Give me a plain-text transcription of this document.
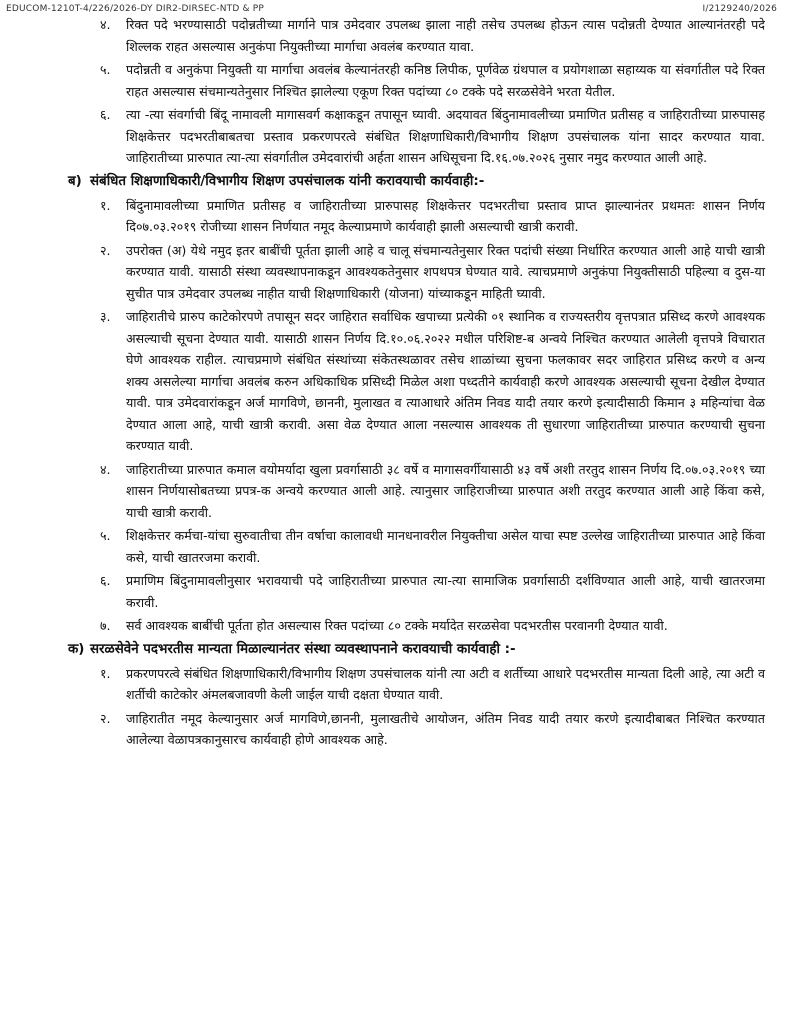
EDUCOM-1210T-4/226/2026-DY DIR2-DIRSEC-NTD & PP	I/2129240/2026
४. रिक्त पदे भरण्यासाठी पदोन्नतीच्या मार्गाने पात्र उमेदवार उपलब्ध झाला नाही तसेच उपलब्ध होऊन त्यास पदोन्नती देण्यात आल्यानंतरही पदे शिल्लक राहत असल्यास अनुकंपा नियुक्तीच्या मार्गाचा अवलंब करण्यात यावा.
५. पदोन्नती व अनुकंपा नियुक्ती या मार्गाचा अवलंब केल्यानंतरही कनिष्ठ लिपीक, पूर्णवेळ ग्रंथपाल व प्रयोगशाळा सहाय्यक या संवर्गातील पदे रिक्त राहत असल्यास संचमान्यतेनुसार निश्चित झालेल्या एकूण रिक्त पदांच्या ८० टक्के पदे सरळसेवेने भरता येतील.
६. त्या -त्या संवर्गाची बिंदू नामावली मागासवर्ग कक्षाकडून तपासून घ्यावी. अदयावत बिंदुनामावलीच्या प्रमाणित प्रतीसह व जाहिरातीच्या प्रारुपासह शिक्षकेत्तर पदभरतीबाबतचा प्रस्ताव प्रकरणपरत्वे संबंधित शिक्षणाधिकारी/विभागीय शिक्षण उपसंचालक यांना सादर करण्यात यावा. जाहिरातीच्या प्रारुपात त्या-त्या संवर्गातील उमेदवारांची अर्हता शासन अधिसूचना दि.१६.०७.२०२६ नुसार नमुद करण्यात आली आहे.
ब) संबंधित शिक्षणाधिकारी/विभागीय शिक्षण उपसंचालक यांनी करावयाची कार्यवाही:-
१. बिंदुनामावलीच्या प्रमाणित प्रतीसह व जाहिरातीच्या प्रारुपासह शिक्षकेत्तर पदभरतीचा प्रस्ताव प्राप्त झाल्यानंतर प्रथमतः शासन निर्णय दि०७.०३.२०१९ रोजीच्या शासन निर्णयात नमूद केल्याप्रमाणे कार्यवाही झाली असल्याची खात्री करावी.
२. उपरोक्त (अ) येथे नमुद इतर बाबींची पूर्तता झाली आहे व चालू संचमान्यतेनुसार रिक्त पदांची संख्या निर्धारित करण्यात आली आहे याची खात्री करण्यात यावी. यासाठी संस्था व्यवस्थापनाकडून आवश्यकतेनुसार शपथपत्र घेण्यात यावे. त्याचप्रमाणे अनुकंपा नियुक्तीसाठी पहिल्या व दुस-या सुचीत पात्र उमेदवार उपलब्ध नाहीत याची शिक्षणाधिकारी (योजना) यांच्याकडून माहिती घ्यावी.
३. जाहिरातीचे प्रारुप काटेकोरपणे तपासून सदर जाहिरात सर्वाधिक खपाच्या प्रत्येकी ०१ स्थानिक व राज्यस्तरीय वृत्तपत्रात प्रसिध्द करणे आवश्यक असल्याची सूचना देण्यात यावी. यासाठी शासन निर्णय दि.१०.०६.२०२२ मधील परिशिष्ट-ब अन्वये निश्चित करण्यात आलेली वृत्तपत्रे विचारात घेणे आवश्यक राहील. त्याचप्रमाणे संबंधित संस्थांच्या संकेतस्थळावर तसेच शाळांच्या सुचना फलकावर सदर जाहिरात प्रसिध्द करणे व अन्य शक्य असलेल्या मार्गाचा अवलंब करुन अधिकाधिक प्रसिध्दी मिळेल अशा पध्दतीने कार्यवाही करणे आवश्यक असल्याची सूचना देखील देण्यात यावी. पात्र उमेदवारांकडून अर्ज मागविणे, छाननी, मुलाखत व त्याआधारे अंतिम निवड यादी तयार करणे इत्यादीसाठी किमान ३ महिन्यांचा वेळ देण्यात आला आहे, याची खात्री करावी. असा वेळ देण्यात आला नसल्यास आवश्यक ती सुधारणा जाहिरातीच्या प्रारुपात करण्याची सुचना करण्यात यावी.
४. जाहिरातीच्या प्रारुपात कमाल वयोमर्यादा खुला प्रवर्गासाठी ३८ वर्षे व मागासवर्गीयासाठी ४३ वर्षे अशी तरतुद शासन निर्णय दि.०७.०३.२०१९ च्या शासन निर्णयासोबतच्या प्रपत्र-क अन्वये करण्यात आली आहे. त्यानुसार जाहिराजीच्या प्रारुपात अशी तरतुद करण्यात आली आहे किंवा कसे, याची खात्री करावी.
५. शिक्षकेत्तर कर्मचा-यांचा सुरुवातीचा तीन वर्षाचा कालावधी मानधनावरील नियुक्तीचा असेल याचा स्पष्ट उल्लेख जाहिरातीच्या प्रारुपात आहे किंवा कसे, याची खातरजमा करावी.
६. प्रमाणिम बिंदुनामावलीनुसार भरावयाची पदे जाहिरातीच्या प्रारुपात त्या-त्या सामाजिक प्रवर्गासाठी दर्शविण्यात आली आहे, याची खातरजमा करावी.
७. सर्व आवश्यक बाबींची पूर्तता होत असल्यास रिक्त पदांच्या ८० टक्के मर्यादेत सरळसेवा पदभरतीस परवानगी देण्यात यावी.
क) सरळसेवेने पदभरतीस मान्यता मिळाल्यानंतर संस्था व्यवस्थापनाने करावयाची कार्यवाही :-
१. प्रकरणपरत्वे संबंधित शिक्षणाधिकारी/विभागीय शिक्षण उपसंचालक यांनी त्या अटी व शर्तीच्या आधारे पदभरतीस मान्यता दिली आहे, त्या अटी व शर्तीची काटेकोर अंमलबजावणी केली जाईल याची दक्षता घेण्यात यावी.
२. जाहिरातीत नमूद केल्यानुसार अर्ज मागविणे,छाननी, मुलाखतीचे आयोजन, अंतिम निवड यादी तयार करणे इत्यादीबाबत निश्चित करण्यात आलेल्या वेळापत्रकानुसारच कार्यवाही होणे आवश्यक आहे.
